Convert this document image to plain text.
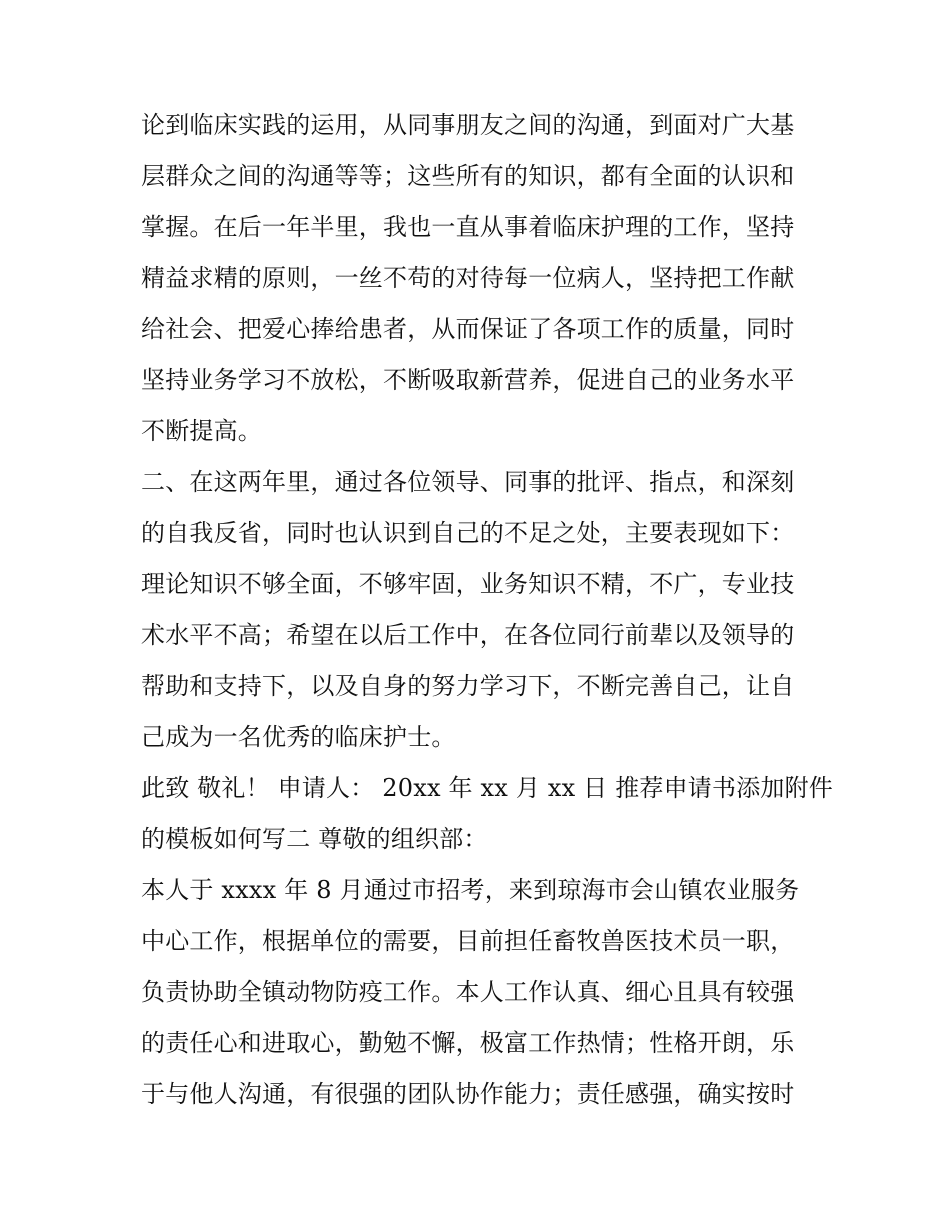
论到临床实践的运用，从同事朋友之间的沟通，到面对广大基
层群众之间的沟通等等；这些所有的知识，都有全面的认识和
掌握。在后一年半里，我也一直从事着临床护理的工作，坚持
精益求精的原则，一丝不苟的对待每一位病人，坚持把工作献
给社会、把爱心捧给患者，从而保证了各项工作的质量，同时
坚持业务学习不放松，不断吸取新营养，促进自己的业务水平
不断提高。
二、在这两年里，通过各位领导、同事的批评、指点，和深刻
的自我反省，同时也认识到自己的不足之处，主要表现如下：
理论知识不够全面，不够牢固，业务知识不精，不广，专业技
术水平不高；希望在以后工作中，在各位同行前辈以及领导的
帮助和支持下，以及自身的努力学习下，不断完善自己，让自
己成为一名优秀的临床护士。
此致 敬礼！ 申请人： 20xx 年 xx 月 xx 日 推荐申请书添加附件
的模板如何写二 尊敬的组织部：
本人于 xxxx 年 8 月通过市招考，来到琼海市会山镇农业服务
中心工作，根据单位的需要，目前担任畜牧兽医技术员一职，
负责协助全镇动物防疫工作。本人工作认真、细心且具有较强
的责任心和进取心，勤勉不懈，极富工作热情；性格开朗，乐
于与他人沟通，有很强的团队协作能力；责任感强，确实按时
